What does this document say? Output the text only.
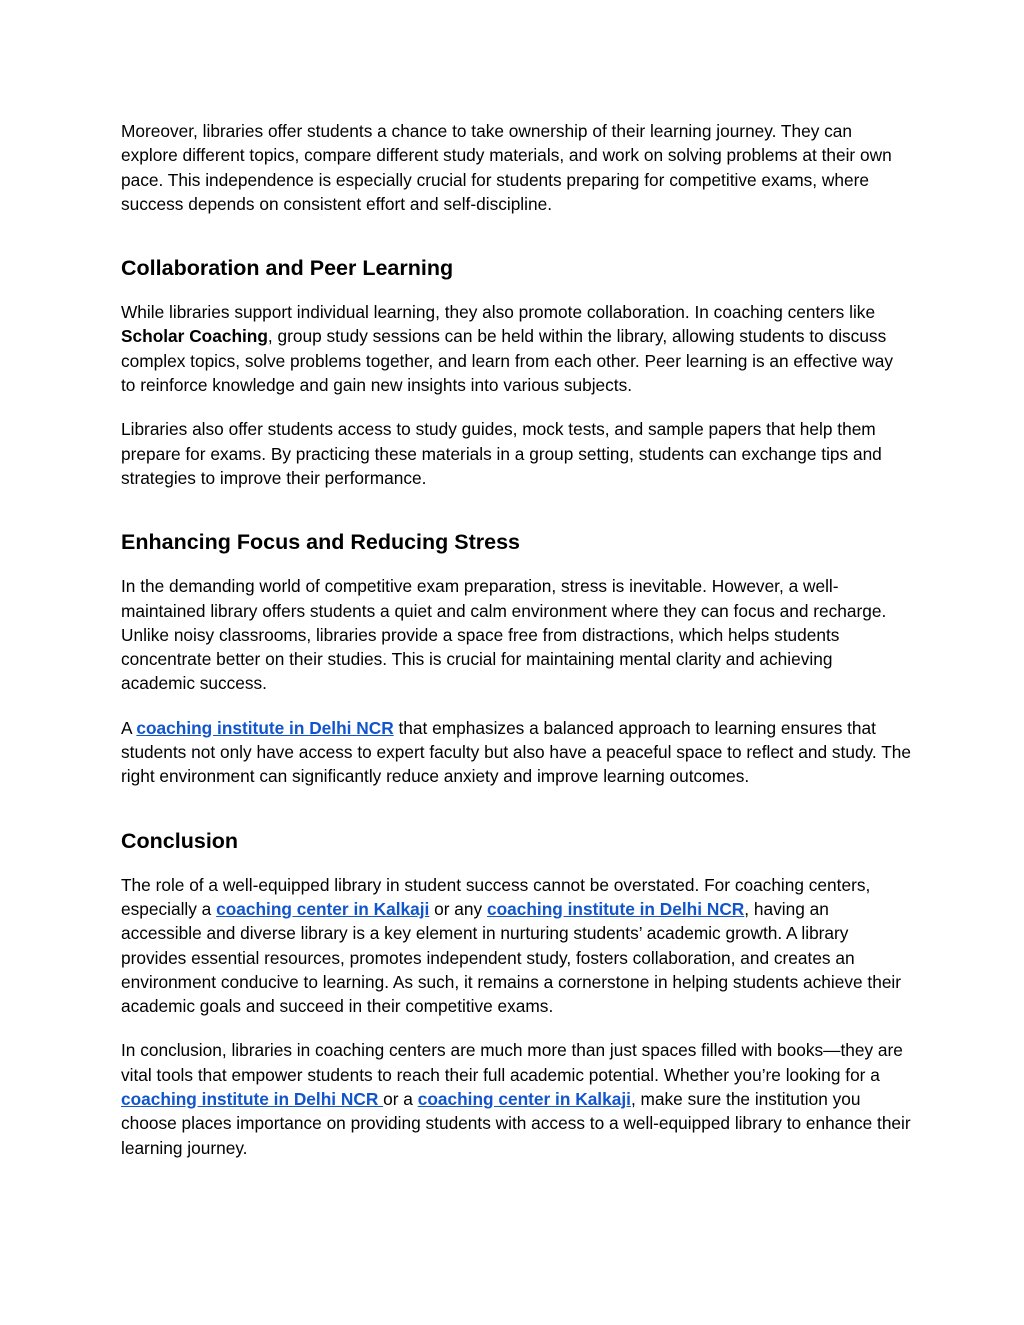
Moreover, libraries offer students a chance to take ownership of their learning journey. They can explore different topics, compare different study materials, and work on solving problems at their own pace. This independence is especially crucial for students preparing for competitive exams, where success depends on consistent effort and self-discipline.

Collaboration and Peer Learning

While libraries support individual learning, they also promote collaboration. In coaching centers like Scholar Coaching, group study sessions can be held within the library, allowing students to discuss complex topics, solve problems together, and learn from each other. Peer learning is an effective way to reinforce knowledge and gain new insights into various subjects.

Libraries also offer students access to study guides, mock tests, and sample papers that help them prepare for exams. By practicing these materials in a group setting, students can exchange tips and strategies to improve their performance.

Enhancing Focus and Reducing Stress

In the demanding world of competitive exam preparation, stress is inevitable. However, a well-maintained library offers students a quiet and calm environment where they can focus and recharge. Unlike noisy classrooms, libraries provide a space free from distractions, which helps students concentrate better on their studies. This is crucial for maintaining mental clarity and achieving academic success.

A coaching institute in Delhi NCR that emphasizes a balanced approach to learning ensures that students not only have access to expert faculty but also have a peaceful space to reflect and study. The right environment can significantly reduce anxiety and improve learning outcomes.

Conclusion

The role of a well-equipped library in student success cannot be overstated. For coaching centers, especially a coaching center in Kalkaji or any coaching institute in Delhi NCR, having an accessible and diverse library is a key element in nurturing students’ academic growth. A library provides essential resources, promotes independent study, fosters collaboration, and creates an environment conducive to learning. As such, it remains a cornerstone in helping students achieve their academic goals and succeed in their competitive exams.

In conclusion, libraries in coaching centers are much more than just spaces filled with books—they are vital tools that empower students to reach their full academic potential. Whether you’re looking for a coaching institute in Delhi NCR or a coaching center in Kalkaji, make sure the institution you choose places importance on providing students with access to a well-equipped library to enhance their learning journey.
